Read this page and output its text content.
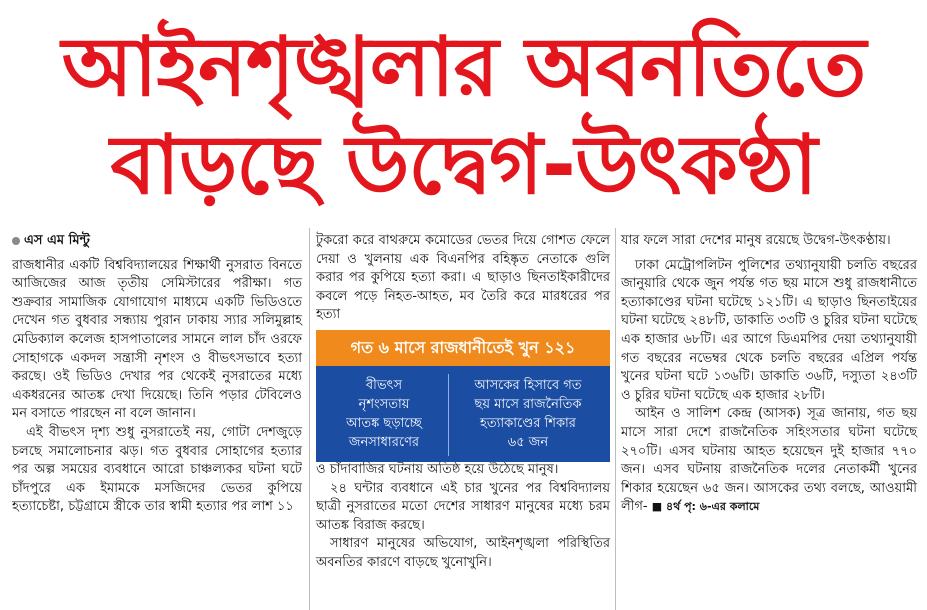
আইনশৃঙ্খলার অবনতিতে
বাড়ছে উদ্বেগ-উৎকণ্ঠা
এস এম মিন্টু

রাজধানীর একটি বিশ্ববিদ্যালয়ের শিক্ষার্থী নুসরাত বিনতে আজিজের আজ তৃতীয় সেমিস্টারের পরীক্ষা। গত শুক্রবার সামাজিক যোগাযোগ মাধ্যমে একটি ভিডিওতে দেখেন গত বুধবার সন্ধ্যায় পুরান ঢাকায় স্যার সলিমুল্লাহ মেডিক্যাল কলেজ হাসপাতালের সামনে লাল চাঁদ ওরফে সোহাগকে একদল সন্ত্রাসী নৃশংস ও বীভৎসভাবে হত্যা করছে। ওই ভিডিও দেখার পর থেকেই নুসরাতের মধ্যে একধরনের আতঙ্ক দেখা দিয়েছে। তিনি পড়ার টেবিলেও মন বসাতে পারছেন না বলে জানান।

এই বীভৎস দৃশ্য শুধু নুসরাতেই নয়, গোটা দেশজুড়ে চলছে সমালোচনার ঝড়। গত বুধবার সোহাগের হত্যার পর অল্প সময়ের ব্যবধানে আরো চাঞ্চল্যকর ঘটনা ঘটে চাঁদপুরে এক ইমামকে মসজিদের ভেতর কুপিয়ে হত্যাচেষ্টা, চট্টগ্রামে স্ত্রীকে তার স্বামী হত্যার পর লাশ ১১

টুকরো করে বাথরুমে কমোডের ভেতর দিয়ে গোশত ফেলে দেয়া ও খুলনায় এক বিএনপির বহিষ্কৃত নেতাকে গুলি করার পর কুপিয়ে হত্যা করা। এ ছাড়াও ছিনতাইকারীদের কবলে পড়ে নিহত-আহত, মব তৈরি করে মারধরের পর হত্যা

ও চাঁদাবাজির ঘটনায় অতিষ্ঠ হয়ে উঠেছে মানুষ।

২৪ ঘন্টার ব্যবধানে এই চার খুনের পর বিশ্ববিদ্যালয় ছাত্রী নুসরাতের মতো দেশের সাধারণ মানুষের মধ্যে চরম আতঙ্ক বিরাজ করছে।

সাধারণ মানুষের অভিযোগ, আইনশৃঙ্খলা পরিস্থিতির অবনতির কারণে বাড়ছে খুনোখুনি।

গত ৬ মাসে রাজধানীতেই খুন ১২১
বীভৎস
নৃশংসতায়
আতঙ্ক ছড়াচ্ছে
জনসাধারণের
আসকের হিসাবে গত
ছয় মাসে রাজনৈতিক
হত্যাকাণ্ডের শিকার
৬৫ জন

যার ফলে সারা দেশের মানুষ রয়েছে উদ্বেগ-উৎকণ্ঠায়।

ঢাকা মেট্রোপলিটন পুলিশের তথ্যানুযায়ী চলতি বছরের জানুয়ারি থেকে জুন পর্যন্ত গত ছয় মাসে শুধু রাজধানীতে হত্যাকাণ্ডের ঘটনা ঘটেছে ১২১টি। এ ছাড়াও ছিনতাইয়ের ঘটনা ঘটেছে ২৪৮টি, ডাকাতি ৩৩টি ও চুরির ঘটনা ঘটেছে এক হাজার ৬৮টি। এর আগে ডিএমপির দেয়া তথ্যানুযায়ী গত বছরের নভেম্বর থেকে চলতি বছরের এপ্রিল পর্যন্ত খুনের ঘটনা ঘটে ১৩৬টি। ডাকাতি ৩৬টি, দস্যুতা ২৪৩টি ও চুরির ঘটনা ঘটেছে এক হাজার ২৮টি।

আইন ও সালিশ কেন্দ্র (আসক) সূত্র জানায়, গত ছয় মাসে সারা দেশে রাজনৈতিক সহিংসতার ঘটনা ঘটেছে ২৭০টি। এসব ঘটনায় আহত হয়েছেন দুই হাজার ৭৭০ জন। এসব ঘটনায় রাজনৈতিক দলের নেতাকর্মী খুনের শিকার হয়েছেন ৬৫ জন। আসকের তথ্য বলছে, আওয়ামী লীগ- ■ ৪র্থ পৃ: ৬-এর কলামে
